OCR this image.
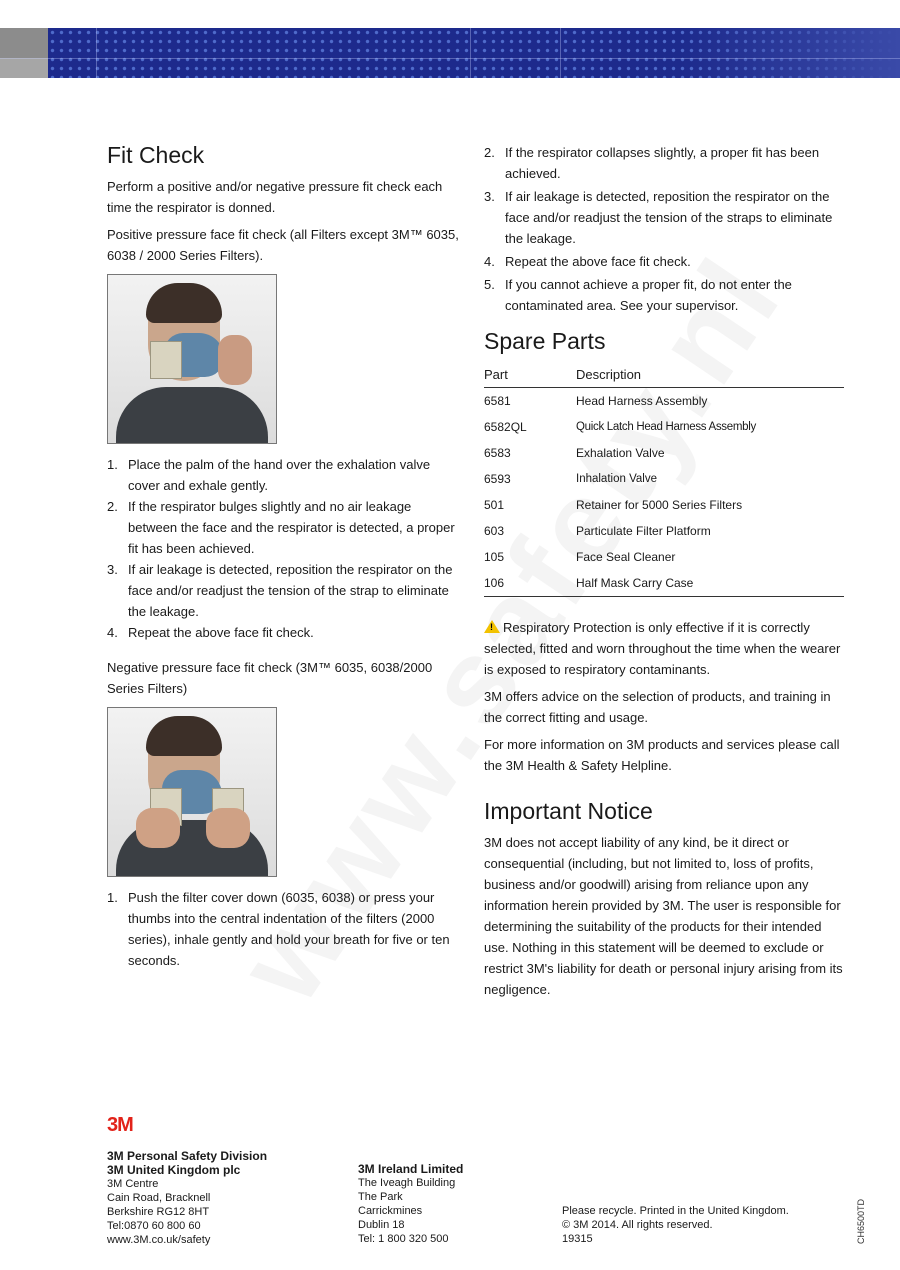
Fit Check

Perform a positive and/or negative pressure fit check each time the respirator is donned.

Positive pressure face fit check (all Filters except 3M™ 6035, 6038 / 2000 Series Filters).

1. Place the palm of the hand over the exhalation valve cover and exhale gently.
2. If the respirator bulges slightly and no air leakage between the face and the respirator is detected, a proper fit has been achieved.
3. If air leakage is detected, reposition the respirator on the face and/or readjust the tension of the strap to eliminate the leakage.
4. Repeat the above face fit check.

Negative pressure face fit check (3M™ 6035, 6038/2000 Series Filters)

1. Push the filter cover down (6035, 6038) or press your thumbs into the central indentation of the filters (2000 series), inhale gently and hold your breath for five or ten seconds.
2. If the respirator collapses slightly, a proper fit has been achieved.
3. If air leakage is detected, reposition the respirator on the face and/or readjust the tension of the straps to eliminate the leakage.
4. Repeat the above face fit check.
5. If you cannot achieve a proper fit, do not enter the contaminated area. See your supervisor.
Spare Parts
Part	Description
6581	Head Harness Assembly
6582QL	Quick Latch Head Harness Assembly
6583	Exhalation Valve
6593	Inhalation Valve
501	Retainer for 5000 Series Filters
603	Particulate Filter Platform
105	Face Seal Cleaner
106	Half Mask Carry Case

!Respiratory Protection is only effective if it is correctly selected, fitted and worn throughout the time when the wearer is exposed to respiratory contaminants.

3M offers advice on the selection of products, and training in the correct fitting and usage.

For more information on 3M products and services please call the 3M Health & Safety Helpline.

Important Notice

3M does not accept liability of any kind, be it direct or consequential (including, but not limited to, loss of profits, business and/or goodwill) arising from reliance upon any information herein provided by 3M. The user is responsible for determining the suitability of the products for their intended use. Nothing in this statement will be deemed to exclude or restrict 3M's liability for death or personal injury arising from its negligence.

3M
3M Personal Safety Division
3M United Kingdom plc
3M Centre
Cain Road, Bracknell
Berkshire RG12 8HT
Tel:0870 60 800 60
www.3M.co.uk/safety
3M Ireland Limited
The Iveagh Building
The Park
Carrickmines
Dublin 18
Tel: 1 800 320 500
Please recycle. Printed in the United Kingdom.
© 3M 2014. All rights reserved.
19315	CH6500TD
